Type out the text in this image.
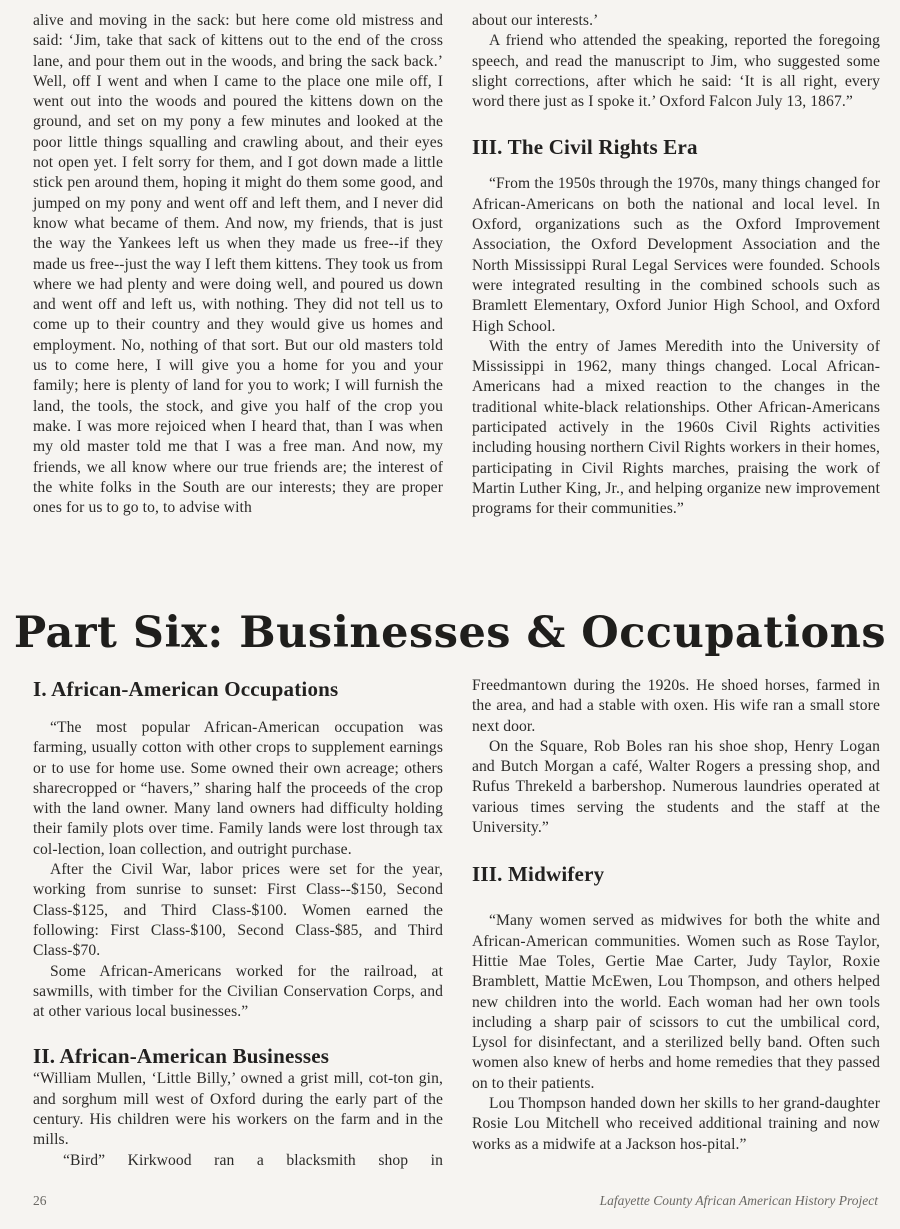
alive and moving in the sack: but here come old mistress and said: ‘Jim, take that sack of kittens out to the end of the cross lane, and pour them out in the woods, and bring the sack back.’ Well, off I went and when I came to the place one mile off, I went out into the woods and poured the kittens down on the ground, and set on my pony a few minutes and looked at the poor little things squalling and crawling about, and their eyes not open yet. I felt sorry for them, and I got down made a little stick pen around them, hoping it might do them some good, and jumped on my pony and went off and left them, and I never did know what became of them. And now, my friends, that is just the way the Yankees left us when they made us free--if they made us free--just the way I left them kittens. They took us from where we had plenty and were doing well, and poured us down and went off and left us, with nothing. They did not tell us to come up to their country and they would give us homes and employment. No, nothing of that sort. But our old masters told us to come here, I will give you a home for you and your family; here is plenty of land for you to work; I will furnish the land, the tools, the stock, and give you half of the crop you make. I was more rejoiced when I heard that, than I was when my old master told me that I was a free man. And now, my friends, we all know where our true friends are; the interest of the white folks in the South are our interests; they are proper ones for us to go to, to advise with

about our interests.’

A friend who attended the speaking, reported the foregoing speech, and read the manuscript to Jim, who suggested some slight corrections, after which he said: ‘It is all right, every word there just as I spoke it.’ Oxford Falcon July 13, 1867.”

III. The Civil Rights Era

“From the 1950s through the 1970s, many things changed for African-Americans on both the national and local level. In Oxford, organizations such as the Oxford Improvement Association, the Oxford Development Association and the North Mississippi Rural Legal Services were founded. Schools were integrated resulting in the combined schools such as Bramlett Elementary, Oxford Junior High School, and Oxford High School.

With the entry of James Meredith into the University of Mississippi in 1962, many things changed. Local African-Americans had a mixed reaction to the changes in the traditional white-black relationships. Other African-Americans participated actively in the 1960s Civil Rights activities including housing northern Civil Rights workers in their homes, participating in Civil Rights marches, praising the work of Martin Luther King, Jr., and helping organize new improvement programs for their communities.”

Part Six: Businesses & Occupations
I. African-American Occupations

“The most popular African-American occupation was farming, usually cotton with other crops to supplement earnings or to use for home use. Some owned their own acreage; others sharecropped or “havers,” sharing half the proceeds of the crop with the land owner. Many land owners had difficulty holding their family plots over time. Family lands were lost through tax col-lection, loan collection, and outright purchase.

After the Civil War, labor prices were set for the year, working from sunrise to sunset: First Class--$150, Second Class-$125, and Third Class-$100. Women earned the following: First Class-$100, Second Class-$85, and Third Class-$70.

Some African-Americans worked for the railroad, at sawmills, with timber for the Civilian Conservation Corps, and at other various local businesses.”

II. African-American Businesses

“William Mullen, ‘Little Billy,’ owned a grist mill, cot-ton gin, and sorghum mill west of Oxford during the early part of the century. His children were his workers on the farm and in the mills.

“Bird” Kirkwood ran a blacksmith shop in

Freedmantown during the 1920s. He shoed horses, farmed in the area, and had a stable with oxen. His wife ran a small store next door.

On the Square, Rob Boles ran his shoe shop, Henry Logan and Butch Morgan a café, Walter Rogers a pressing shop, and Rufus Threkeld a barbershop. Numerous laundries operated at various times serving the students and the staff at the University.”

III. Midwifery

“Many women served as midwives for both the white and African-American communities. Women such as Rose Taylor, Hittie Mae Toles, Gertie Mae Carter, Judy Taylor, Roxie Bramblett, Mattie McEwen, Lou Thompson, and others helped new children into the world. Each woman had her own tools including a sharp pair of scissors to cut the umbilical cord, Lysol for disinfectant, and a sterilized belly band. Often such women also knew of herbs and home remedies that they passed on to their patients.

Lou Thompson handed down her skills to her grand-daughter Rosie Lou Mitchell who received additional training and now works as a midwife at a Jackson hos-pital.”

26	Lafayette County African American History Project
